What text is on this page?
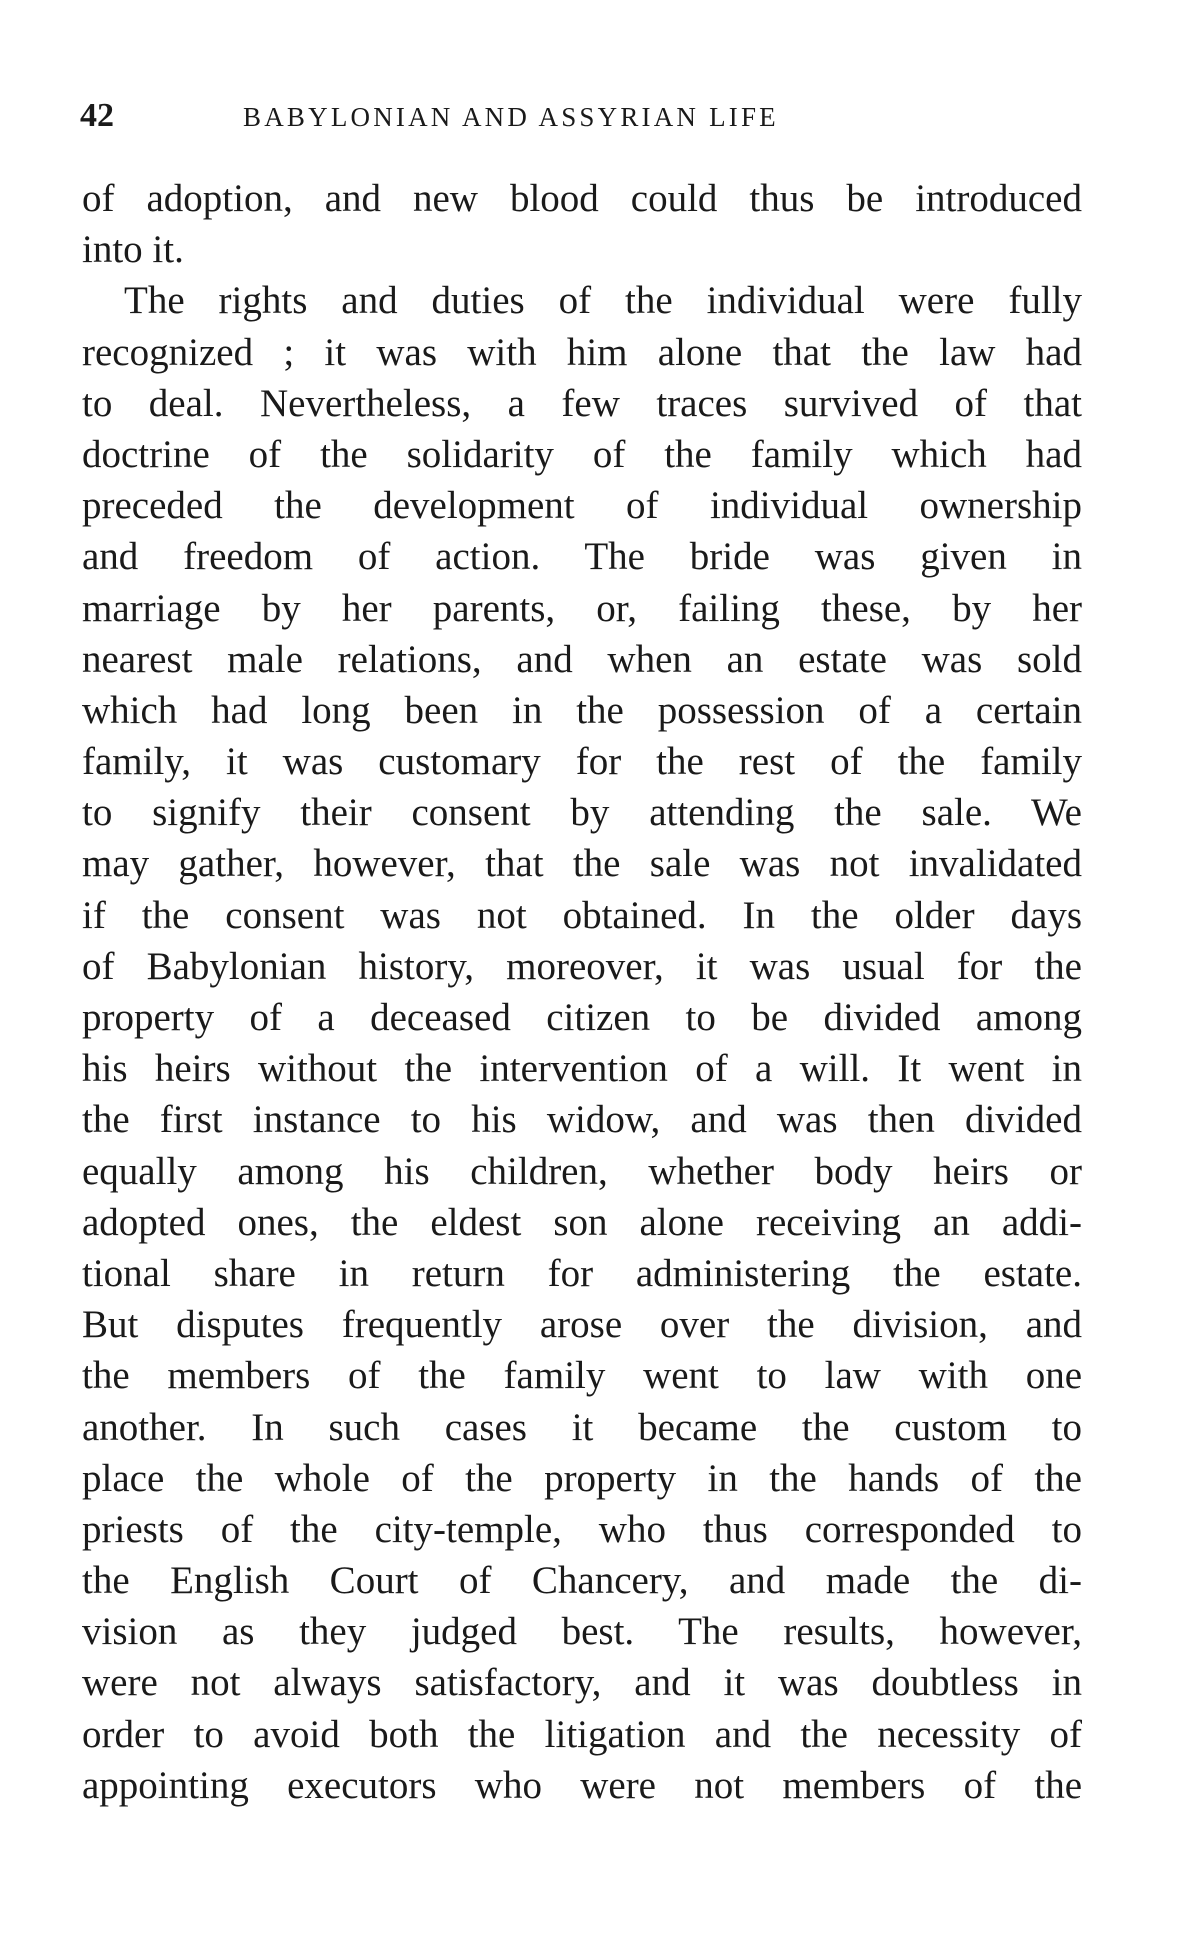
42	BABYLONIAN AND ASSYRIAN LIFE
of adoption, and new blood could thus be introduced
into it.
The rights and duties of the individual were fully
recognized ; it was with him alone that the law had
to deal. Nevertheless, a few traces survived of that
doctrine of the solidarity of the family which had
preceded the development of individual ownership
and freedom of action. The bride was given in
marriage by her parents, or, failing these, by her
nearest male relations, and when an estate was sold
which had long been in the possession of a certain
family, it was customary for the rest of the family
to signify their consent by attending the sale. We
may gather, however, that the sale was not invalidated
if the consent was not obtained. In the older days
of Babylonian history, moreover, it was usual for the
property of a deceased citizen to be divided among
his heirs without the intervention of a will. It went in
the first instance to his widow, and was then divided
equally among his children, whether body heirs or
adopted ones, the eldest son alone receiving an addi-
tional share in return for administering the estate.
But disputes frequently arose over the division, and
the members of the family went to law with one
another. In such cases it became the custom to
place the whole of the property in the hands of the
priests of the city-temple, who thus corresponded to
the English Court of Chancery, and made the di-
vision as they judged best. The results, however,
were not always satisfactory, and it was doubtless in
order to avoid both the litigation and the necessity of
appointing executors who were not members of the
